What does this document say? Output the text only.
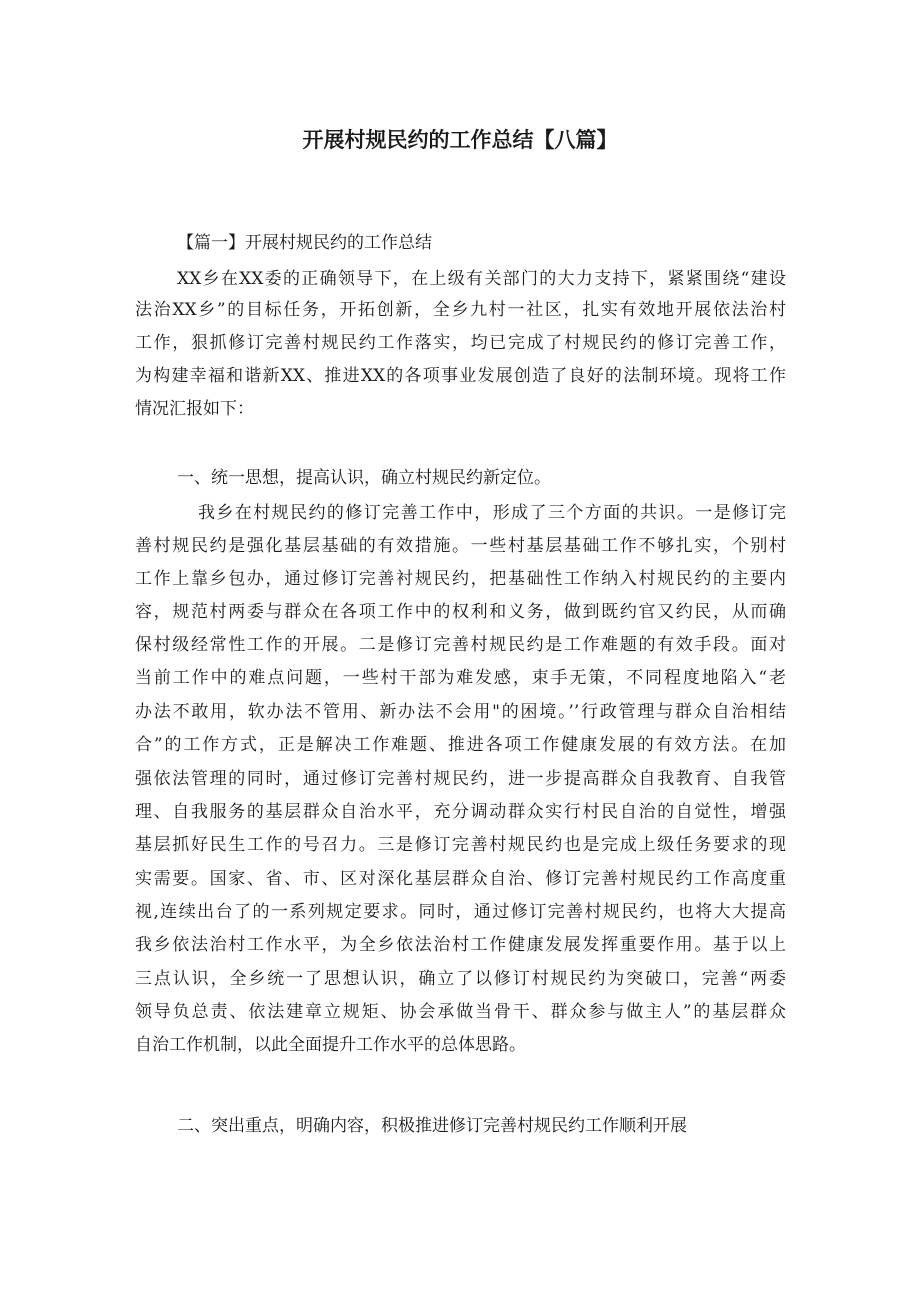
开展村规民约的工作总结【八篇】
【篇一】开展村规民约的工作总结
XX乡在XX委的正确领导下，在上级有关部门的大力支持下，紧紧围绕“建设
法治XX乡”的目标任务，开拓创新，全乡九村一社区，扎实有效地开展依法治村
工作，狠抓修订完善村规民约工作落实，均已完成了村规民约的修订完善工作，
为构建幸福和谐新XX、推进XX的各项事业发展创造了良好的法制环境。现将工作
情况汇报如下：
一、统一思想，提高认识，确立村规民约新定位。
我乡在村规民约的修订完善工作中，形成了三个方面的共识。一是修订完
善村规民约是强化基层基础的有效措施。一些村基层基础工作不够扎实，个别村
工作上靠乡包办，通过修订完善衬规民约，把基础性工作纳入村规民约的主要内
容，规范村两委与群众在各项工作中的权利和义务，做到既约官又约民，从而确
保村级经常性工作的开展。二是修订完善村规民约是工作难题的有效手段。面对
当前工作中的难点问题，一些村干部为难发感，束手无策，不同程度地陷入“老
办法不敢用，软办法不管用、新办法不会用"的困境。’’行政管理与群众自治相结
合”的工作方式，正是解决工作难题、推进各项工作健康发展的有效方法。在加
强依法管理的同时，通过修订完善村规民约，进一步提高群众自我教育、自我管
理、自我服务的基层群众自治水平，充分调动群众实行村民自治的自觉性，增强
基层抓好民生工作的号召力。三是修订完善村规民约也是完成上级任务要求的现
实需要。国家、省、市、区对深化基层群众自治、修订完善村规民约工作高度重
视,连续出台了的一系列规定要求。同时，通过修订完善村规民约，也将大大提高
我乡依法治村工作水平，为全乡依法治村工作健康发展发挥重要作用。基于以上
三点认识，全乡统一了思想认识，确立了以修订村规民约为突破口，完善“两委
领导负总责、依法建章立规矩、协会承做当骨干、群众参与做主人”的基层群众
自治工作机制，以此全面提升工作水平的总体思路。
二、突出重点，明确内容，积极推进修订完善村规民约工作顺利开展
